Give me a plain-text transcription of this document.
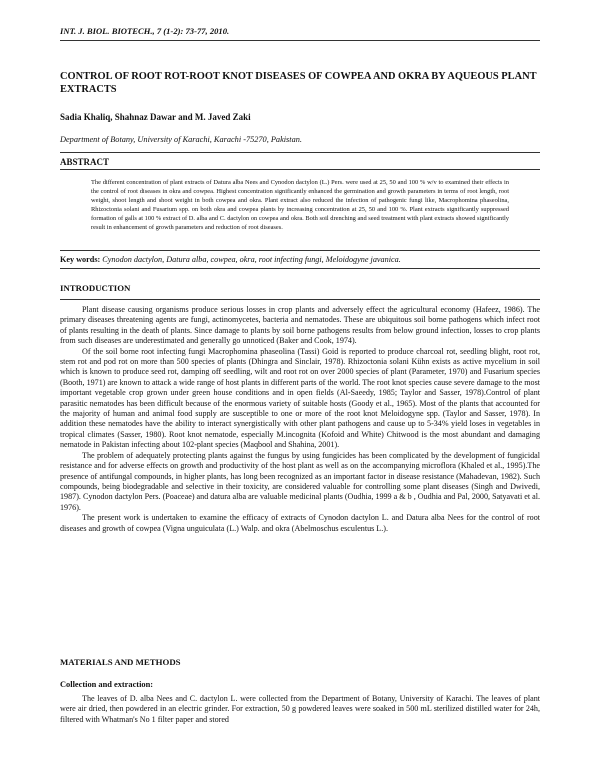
INT. J. BIOL. BIOTECH., 7 (1-2): 73-77, 2010.
CONTROL OF ROOT ROT-ROOT KNOT DISEASES OF COWPEA AND OKRA BY AQUEOUS PLANT EXTRACTS
Sadia Khaliq, Shahnaz Dawar and M. Javed Zaki
Department of Botany, University of Karachi, Karachi -75270, Pakistan.
ABSTRACT
The different concentration of plant extracts of Datura alba Nees and Cynodon dactylon (L.) Pers. were used at 25, 50 and 100 % w/v to examined their effects in the control of root diseases in okra and cowpea. Highest concentration significantly enhanced the germination and growth parameters in terms of root length, root weight, shoot length and shoot weight in both cowpea and okra. Plant extract also reduced the infection of pathogenic fungi like, Macrophomina phaseolina, Rhizoctonia solani and Fusarium spp. on both okra and cowpea plants by increasing concentration at 25, 50 and 100 %. Plant extracts significantly suppressed formation of galls at 100 % extract of D. alba and C. dactylon on cowpea and okra. Both soil drenching and seed treatment with plant extracts showed significantly result in enhancement of growth parameters and reduction of root diseases.
Key words: Cynodon dactylon, Datura alba, cowpea, okra, root infecting fungi, Meloidogyne javanica.
INTRODUCTION

Plant disease causing organisms produce serious losses in crop plants and adversely effect the agricultural economy (Hafeez, 1986). The primary diseases threatening agents are fungi, actinomycetes, bacteria and nematodes. These are ubiquitous soil borne pathogens which infect root of plants resulting in the death of plants. Since damage to plants by soil borne pathogens results from below ground infection, losses to crop plants from such diseases are underestimated and generally go unnoticed (Baker and Cook, 1974).

Of the soil borne root infecting fungi Macrophomina phaseolina (Tassi) Goid is reported to produce charcoal rot, seedling blight, root rot, stem rot and pod rot on more than 500 species of plants (Dhingra and Sinclair, 1978). Rhizoctonia solani Kühn exists as active mycelium in soil which is known to produce seed rot, damping off seedling, wilt and root rot on over 2000 species of plant (Parameter, 1970) and Fusarium species (Booth, 1971) are known to attack a wide range of host plants in different parts of the world. The root knot species cause severe damage to the most important vegetable crop grown under green house conditions and in open fields (Al-Saeedy, 1985; Taylor and Sasser, 1978).Control of plant parasitic nematodes has been difficult because of the enormous variety of suitable hosts (Goody et al., 1965). Most of the plants that accounted for the majority of human and animal food supply are susceptible to one or more of the root knot Meloidogyne spp. (Taylor and Sasser, 1978). In addition these nematodes have the ability to interact synergistically with other plant pathogens and cause up to 5-34% yield loses in vegetables in tropical climates (Sasser, 1980). Root knot nematode, especially M.incognita (Kofoid and White) Chitwood is the most abundant and damaging nematode in Pakistan infecting about 102-plant species (Maqbool and Shahina, 2001).

The problem of adequately protecting plants against the fungus by using fungicides has been complicated by the development of fungicidal resistance and for adverse effects on growth and productivity of the host plant as well as on the accompanying microflora (Khaled et al., 1995).The presence of antifungal compounds, in higher plants, has long been recognized as an important factor in disease resistance (Mahadevan, 1982). Such compounds, being biodegradable and selective in their toxicity, are considered valuable for controlling some plant diseases (Singh and Dwivedi, 1987). Cynodon dactylon Pers. (Poaceae) and datura alba are valuable medicinal plants (Oudhia, 1999 a & b , Oudhia and Pal, 2000, Satyavati et al. 1976).

The present work is undertaken to examine the efficacy of extracts of Cynodon dactylon L. and Datura alba Nees for the control of root diseases and growth of cowpea (Vigna unguiculata (L.) Walp. and okra (Abelmoschus esculentus L.).

MATERIALS AND METHODS
Collection and extraction:

The leaves of D. alba Nees and C. dactylon L. were collected from the Department of Botany, University of Karachi. The leaves of plant were air dried, then powdered in an electric grinder. For extraction, 50 g powdered leaves were soaked in 500 mL sterilized distilled water for 24h, filtered with Whatman's No 1 filter paper and stored
